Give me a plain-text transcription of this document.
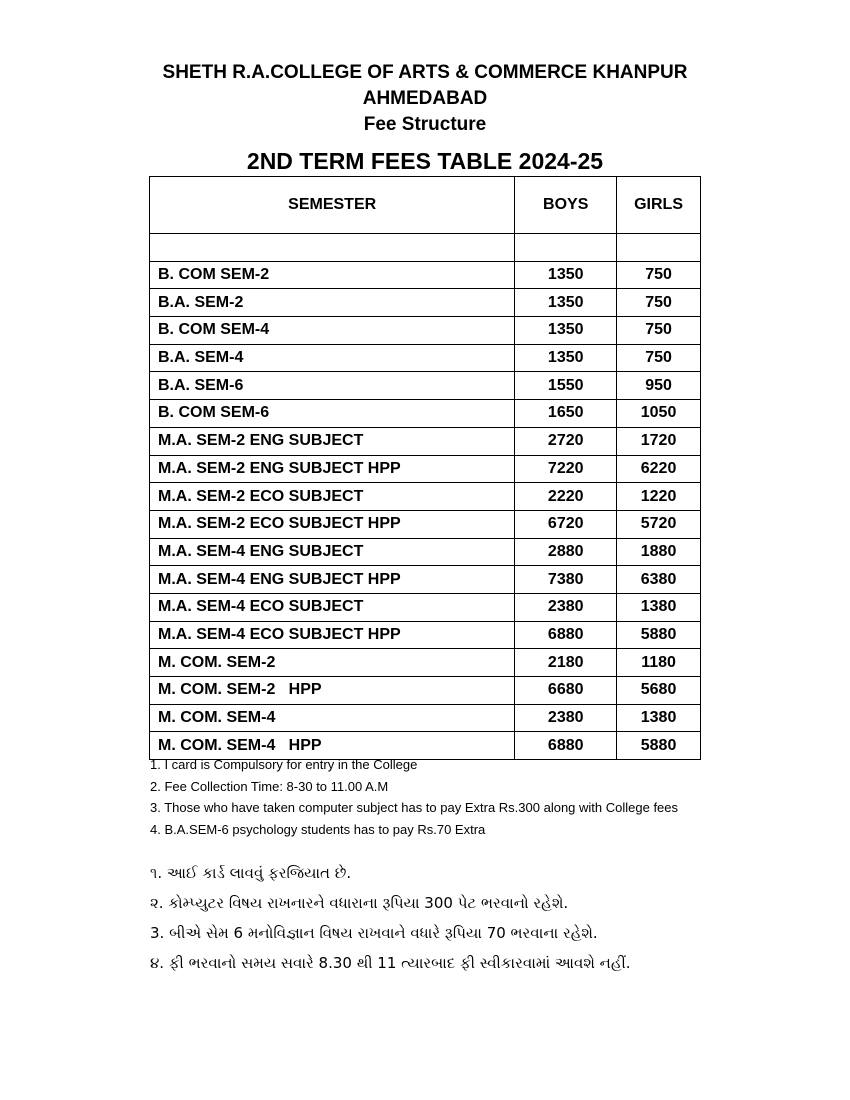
SHETH R.A.COLLEGE OF ARTS & COMMERCE KHANPUR
AHMEDABAD
Fee Structure
2ND TERM FEES TABLE 2024-25
SEMESTER	BOYS	GIRLS

B. COM SEM-2	1350	750
B.A. SEM-2	1350	750
B. COM SEM-4	1350	750
B.A. SEM-4	1350	750
B.A. SEM-6	1550	950
B. COM SEM-6	1650	1050
M.A. SEM-2 ENG SUBJECT	2720	1720
M.A. SEM-2 ENG SUBJECT HPP	7220	6220
M.A. SEM-2 ECO SUBJECT	2220	1220
M.A. SEM-2 ECO SUBJECT HPP	6720	5720
M.A. SEM-4 ENG SUBJECT	2880	1880
M.A. SEM-4 ENG SUBJECT HPP	7380	6380
M.A. SEM-4 ECO SUBJECT	2380	1380
M.A. SEM-4 ECO SUBJECT HPP	6880	5880
M. COM. SEM-2	2180	1180
M. COM. SEM-2   HPP	6680	5680
M. COM. SEM-4	2380	1380
M. COM. SEM-4   HPP	6880	5880
1. I card is Compulsory for entry in the College
2. Fee Collection Time: 8-30 to 11.00 A.M
3. Those who have taken computer subject has to pay Extra Rs.300 along with College fees
4. B.A.SEM-6 psychology students has to pay Rs.70 Extra
૧. આઈ કાર્ડ લાવવું ફરજિયાત છે.
૨. કોમ્પ્યુટર વિષય રાખનારને વધારાના રૂપિયા 300 પેટ ભરવાનો રહેશે.
3. બીએ સેમ 6 મનોવિજ્ઞાન વિષય રાખવાને વધારે રૂપિયા 70 ભરવાના રહેશે.
૪. ફી ભરવાનો સમય સવારે 8.30 થી 11 ત્યારબાદ ફી સ્વીકારવામાં આવશે નહીં.
